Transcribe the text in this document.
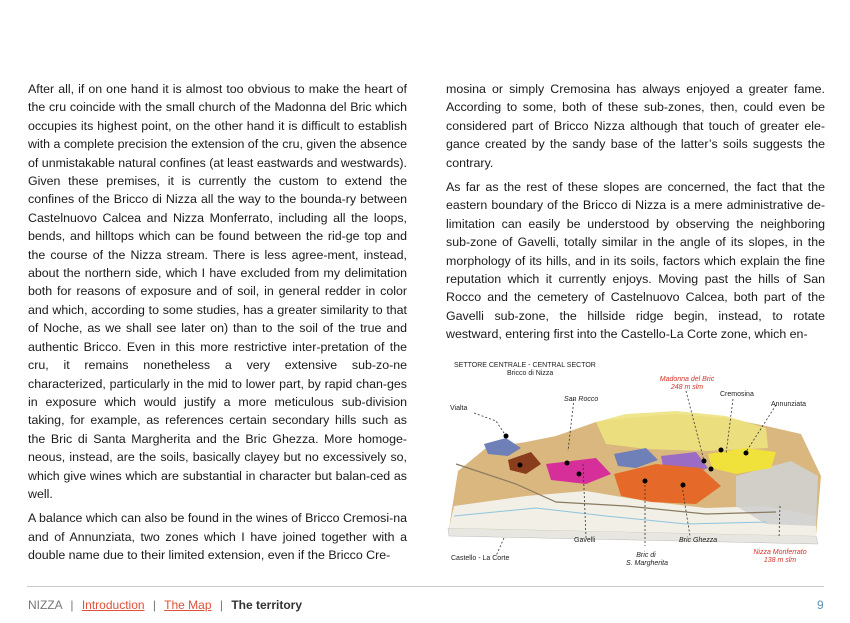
After all, if on one hand it is almost too obvious to make the heart of the cru coincide with the small church of the Madonna del Bric which occupies its highest point, on the other hand it is difficult to establish with a complete precision the extension of the cru, given the absence of unmistakable natural confines (at least eastwards and westwards). Given these premises, it is currently the custom to extend the confines of the Bricco di Nizza all the way to the bounda-ry between Castelnuovo Calcea and Nizza Monferrato, including all the loops, bends, and hilltops which can be found between the rid-ge top and the course of the Nizza stream. There is less agree-ment, instead, about the northern side, which I have excluded from my delimitation both for reasons of exposure and of soil, in general redder in color and which, according to some studies, has a greater similarity to that of Noche, as we shall see later on) than to the soil of the true and authentic Bricco. Even in this more restrictive inter-pretation of the cru, it remains nonetheless a very extensive sub-zo-ne characterized, particularly in the mid to lower part, by rapid chan-ges in exposure which would justify a more meticulous sub-division taking, for example, as references certain secondary hills such as the Bric di Santa Margherita and the Bric Ghezza. More homoge-neous, instead, are the soils, basically clayey but no excessively so, which give wines which are substantial in character but balan-ced as well.

A balance which can also be found in the wines of Bricco Cremosi-na and of Annunziata, two zones which I have joined together with a double name due to their limited extension, even if the Bricco Cre-

mosina or simply Cremosina has always enjoyed a greater fame. According to some, both of these sub-zones, then, could even be considered part of Bricco Nizza although that touch of greater ele-gance created by the sandy base of the latter’s soils suggests the contrary.

As far as the rest of these slopes are concerned, the fact that the eastern boundary of the Bricco di Nizza is a mere administrative de-limitation can easily be understood by observing the neighboring sub-zone of Gavelli, totally similar in the angle of its slopes, in the morphology of its hills, and in its soils, factors which explain the fine reputation which it currently enjoys. Moving past the hills of San Rocco and the cemetery of Castelnuovo Calcea, both part of the Gavelli sub-zone, the hillside ridge begin, instead, to rotate westward, entering first into the Castello-La Corte zone, which en-

SETTORE CENTRALE - CENTRAL SECTOR
Bricco di Nizza
Vialta
San Rocco
Madonna del Bric
248 m slm
Cremosina
Annunziata
Castello - La Corte
Gavelli
Bric di
S. Margherita
Bric Ghezza
Nizza Monferrato
138 m slm
NIZZA | Introduction | The Map | The territory	9
